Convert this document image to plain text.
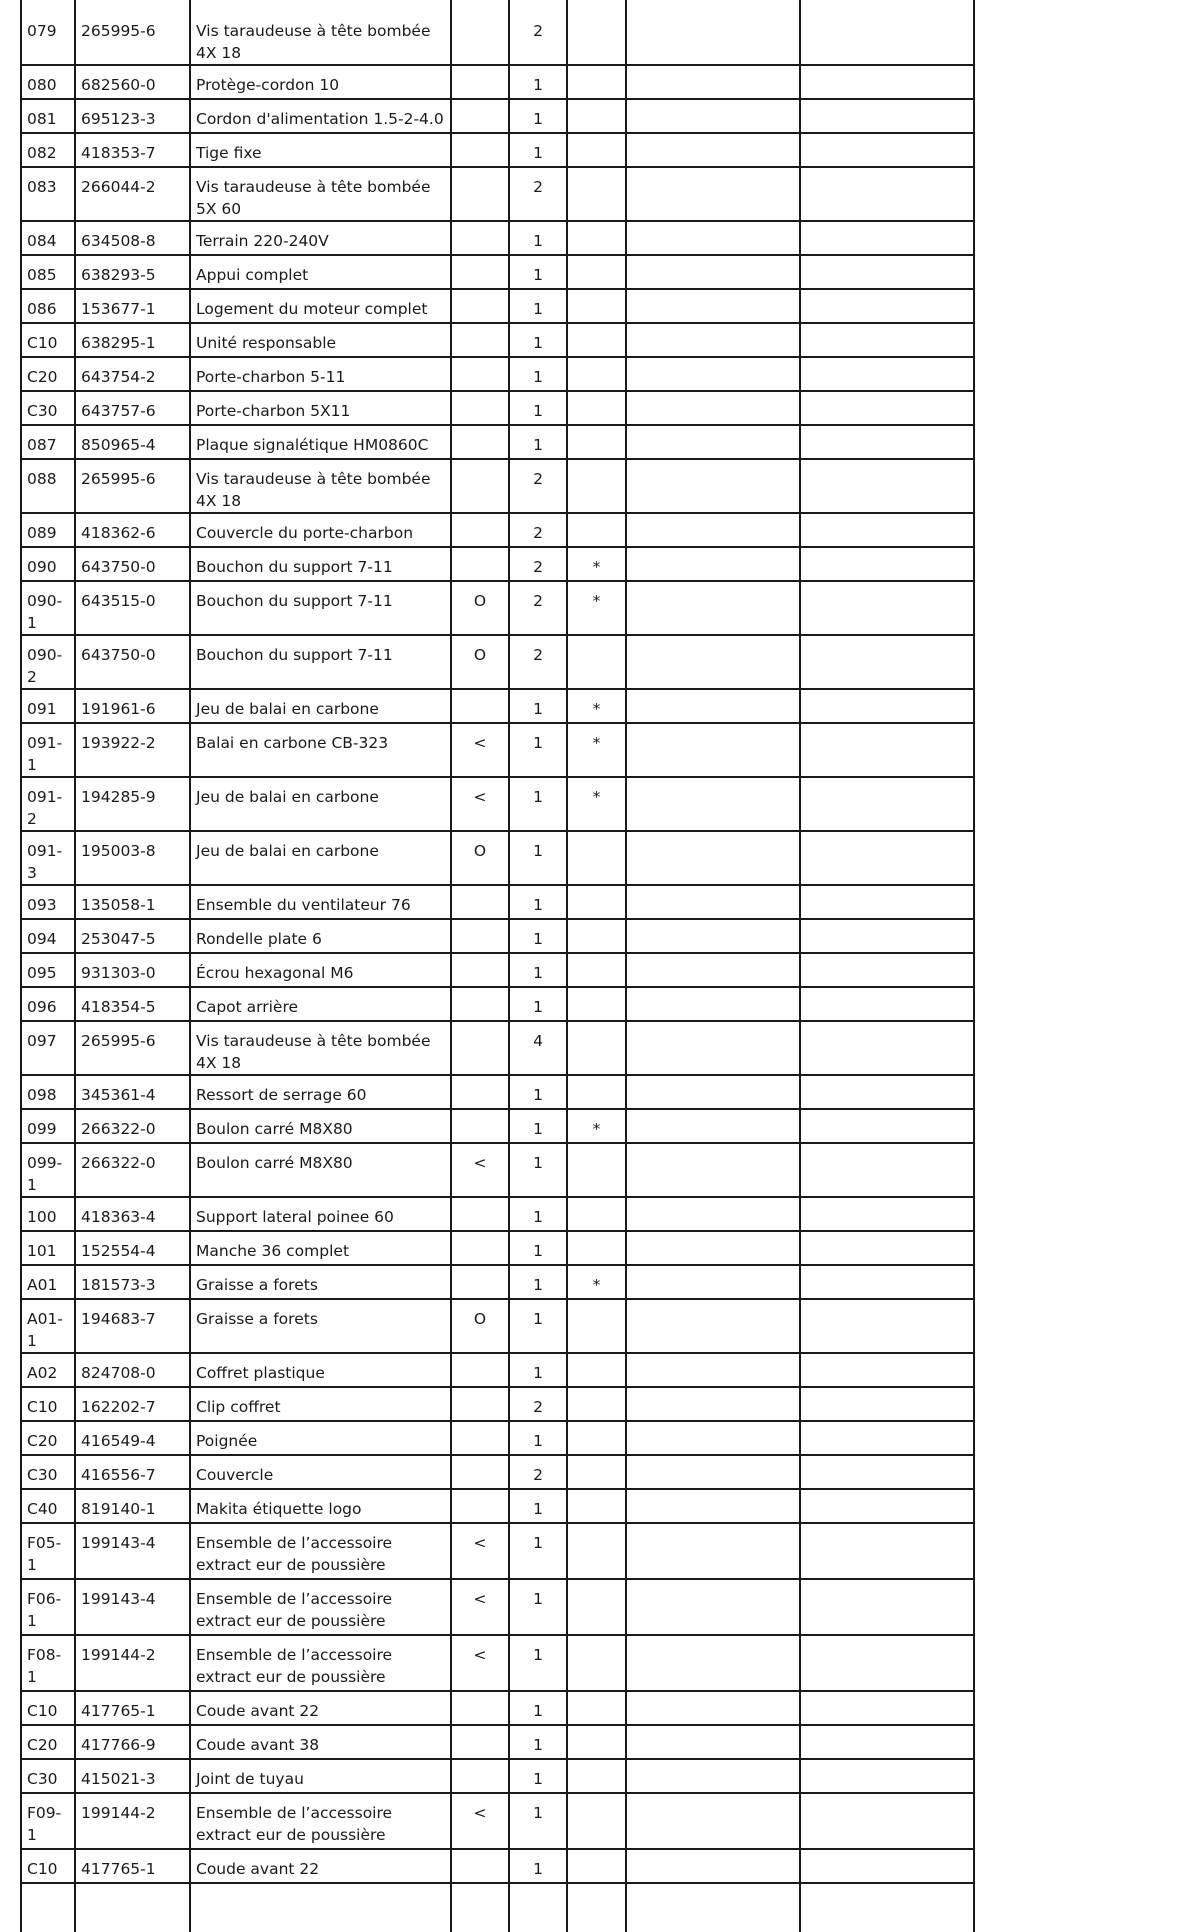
079	265995-6	Vis taraudeuse à tête bombée 4X 18		2			
080	682560-0	Protège-cordon 10		1			
081	695123-3	Cordon d'alimentation 1.5-2-4.0		1			
082	418353-7	Tige fixe		1			
083	266044-2	Vis taraudeuse à tête bombée 5X 60		2			
084	634508-8	Terrain 220-240V		1			
085	638293-5	Appui complet		1			
086	153677-1	Logement du moteur complet		1			
C10	638295-1	Unité responsable		1			
C20	643754-2	Porte-charbon 5-11		1			
C30	643757-6	Porte-charbon 5X11		1			
087	850965-4	Plaque signalétique HM0860C		1			
088	265995-6	Vis taraudeuse à tête bombée 4X 18		2			
089	418362-6	Couvercle du porte-charbon		2			
090	643750-0	Bouchon du support 7-11		2	*		
090-1	643515-0	Bouchon du support 7-11	O	2	*		
090-2	643750-0	Bouchon du support 7-11	O	2			
091	191961-6	Jeu de balai en carbone		1	*		
091-1	193922-2	Balai en carbone CB-323	<	1	*		
091-2	194285-9	Jeu de balai en carbone	<	1	*		
091-3	195003-8	Jeu de balai en carbone	O	1			
093	135058-1	Ensemble du ventilateur 76		1			
094	253047-5	Rondelle plate 6		1			
095	931303-0	Écrou hexagonal M6		1			
096	418354-5	Capot arrière		1			
097	265995-6	Vis taraudeuse à tête bombée 4X 18		4			
098	345361-4	Ressort de serrage 60		1			
099	266322-0	Boulon carré M8X80		1	*		
099-1	266322-0	Boulon carré M8X80	<	1			
100	418363-4	Support lateral poinee 60		1			
101	152554-4	Manche 36 complet		1			
A01	181573-3	Graisse a forets		1	*		
A01-1	194683-7	Graisse a forets	O	1			
A02	824708-0	Coffret plastique		1			
C10	162202-7	Clip coffret		2			
C20	416549-4	Poignée		1			
C30	416556-7	Couvercle		2			
C40	819140-1	Makita étiquette logo		1			
F05-1	199143-4	Ensemble de l’accessoire extract eur de poussière	<	1			
F06-1	199143-4	Ensemble de l’accessoire extract eur de poussière	<	1			
F08-1	199144-2	Ensemble de l’accessoire extract eur de poussière	<	1			
C10	417765-1	Coude avant 22		1			
C20	417766-9	Coude avant 38		1			
C30	415021-3	Joint de tuyau		1			
F09-1	199144-2	Ensemble de l’accessoire extract eur de poussière	<	1			
C10	417765-1	Coude avant 22		1			
